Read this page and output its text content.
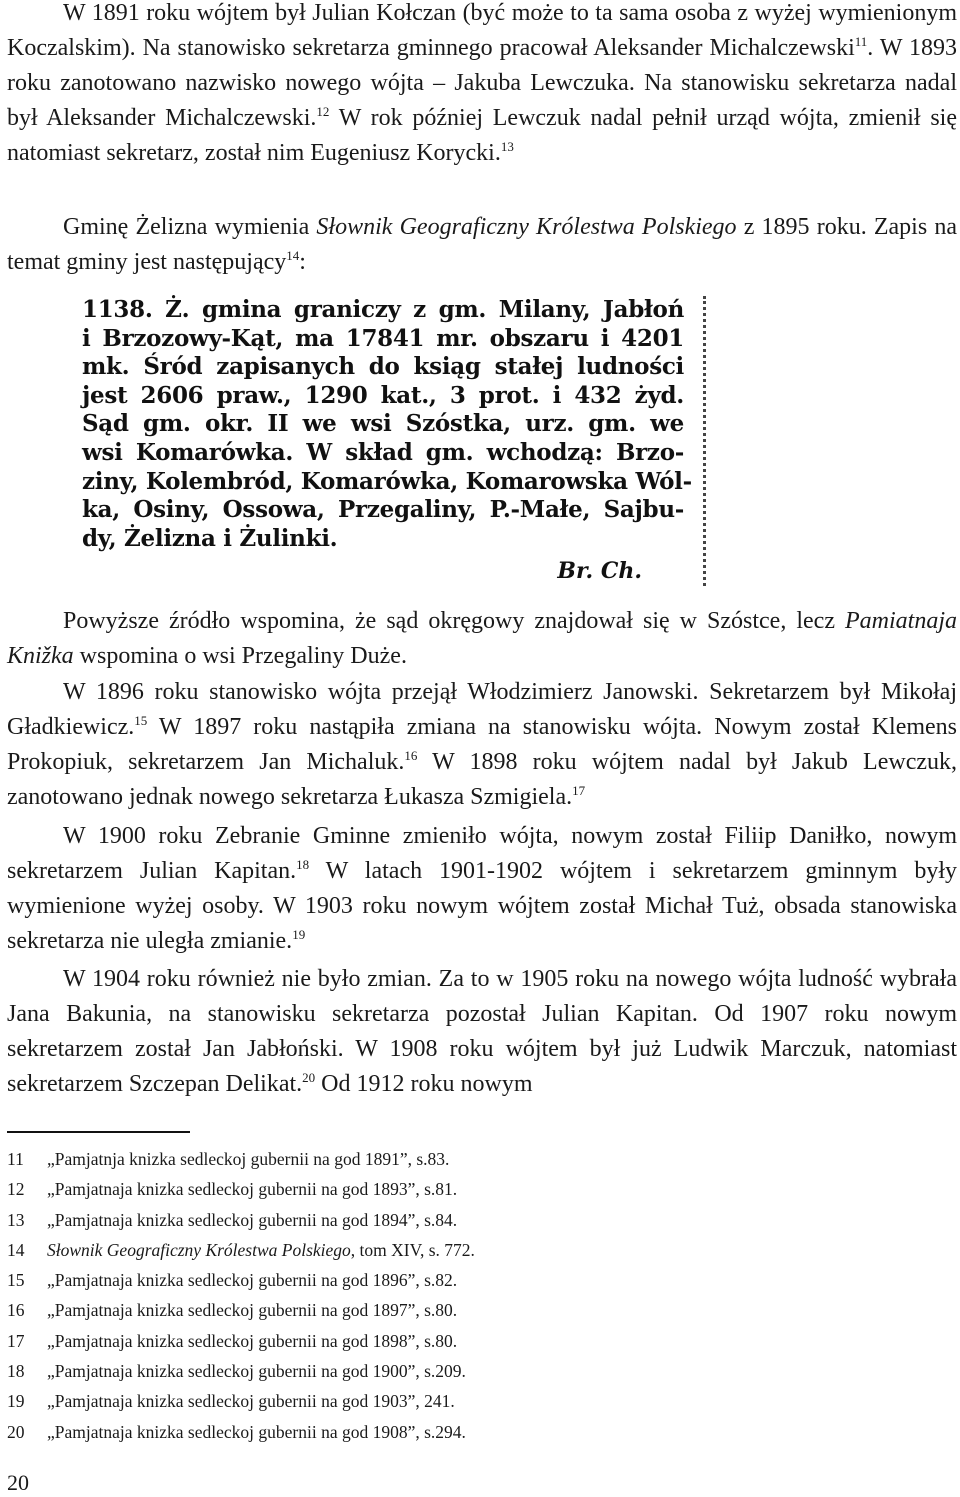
W 1891 roku wójtem był Julian Kołczan (być może to ta sama osoba z wyżej wymienionym Koczalskim). Na stanowisko sekretarza gminnego pracował Aleksander Michalczewski$^{11}$. W 1893 roku zanotowano nazwisko nowego wójta – Jakuba Lewczuka. Na stanowisku sekretarza nadal był Aleksander Michalczewski.$^{12}$ W rok później Lewczuk nadal pełnił urząd wójta, zmienił się natomiast sekretarz, został nim Eugeniusz Korycki.$^{13}$

Gminę Żelizna wymienia Słownik Geograficzny Królestwa Polskiego z 1895 roku. Zapis na temat gminy jest następujący$^{14}$:

1138. Ż. gmina graniczy z gm. Milany, Jabłoń
i Brzozowy-Kąt, ma 17841 mr. obszaru i 4201
mk. Śród zapisanych do ksiąg stałej ludności
jest 2606 praw., 1290 kat., 3 prot. i 432 żyd.
Sąd gm. okr. II we wsi Szóstka, urz. gm. we
wsi Komarówka. W skład gm. wchodzą: Brzo-
ziny, Kolembród, Komarówka, Komarowska Wól-
ka, Osiny, Ossowa, Przegaliny, P.-Małe, Sajbu-
dy, Żelizna i Żulinki.
Br. Ch.

Powyższe źródło wspomina, że sąd okręgowy znajdował się w Szóstce, lecz Pamiatnaja Knižka wspomina o wsi Przegaliny Duże.

W 1896 roku stanowisko wójta przejął Włodzimierz Janowski. Sekretarzem był Mikołaj Gładkiewicz.$^{15}$ W 1897 roku nastąpiła zmiana na stanowisku wójta. Nowym został Klemens Prokopiuk, sekretarzem Jan Michaluk.$^{16}$ W 1898 roku wójtem nadal był Jakub Lewczuk, zanotowano jednak nowego sekretarza Łukasza Szmigiela.$^{17}$

W 1900 roku Zebranie Gminne zmieniło wójta, nowym został Filiip Daniłko, nowym sekretarzem Julian Kapitan.$^{18}$ W latach 1901-1902 wójtem i sekretarzem gminnym były wymienione wyżej osoby. W 1903 roku nowym wójtem został Michał Tuż, obsada stanowiska sekretarza nie uległa zmianie.$^{19}$

W 1904 roku również nie było zmian. Za to w 1905 roku na nowego wójta ludność wybrała Jana Bakunia, na stanowisku sekretarza pozostał Julian Kapitan. Od 1907 roku nowym sekretarzem został Jan Jabłoński. W 1908 roku wójtem był już Ludwik Marczuk, natomiast sekretarzem Szczepan Delikat.$^{20}$ Od 1912 roku nowym

11 „Pamjatnja knizka sedleckoj gubernii na god 1891”, s.83.
12 „Pamjatnaja knizka sedleckoj gubernii na god 1893”, s.81.
13 „Pamjatnaja knizka sedleckoj gubernii na god 1894”, s.84.
14 Słownik Geograficzny Królestwa Polskiego, tom XIV, s. 772.
15 „Pamjatnaja knizka sedleckoj gubernii na god 1896”, s.82.
16 „Pamjatnaja knizka sedleckoj gubernii na god 1897”, s.80.
17 „Pamjatnaja knizka sedleckoj gubernii na god 1898”, s.80.
18 „Pamjatnaja knizka sedleckoj gubernii na god 1900”, s.209.
19 „Pamjatnaja knizka sedleckoj gubernii na god 1903”, 241.
20 „Pamjatnaja knizka sedleckoj gubernii na god 1908”, s.294.
20
